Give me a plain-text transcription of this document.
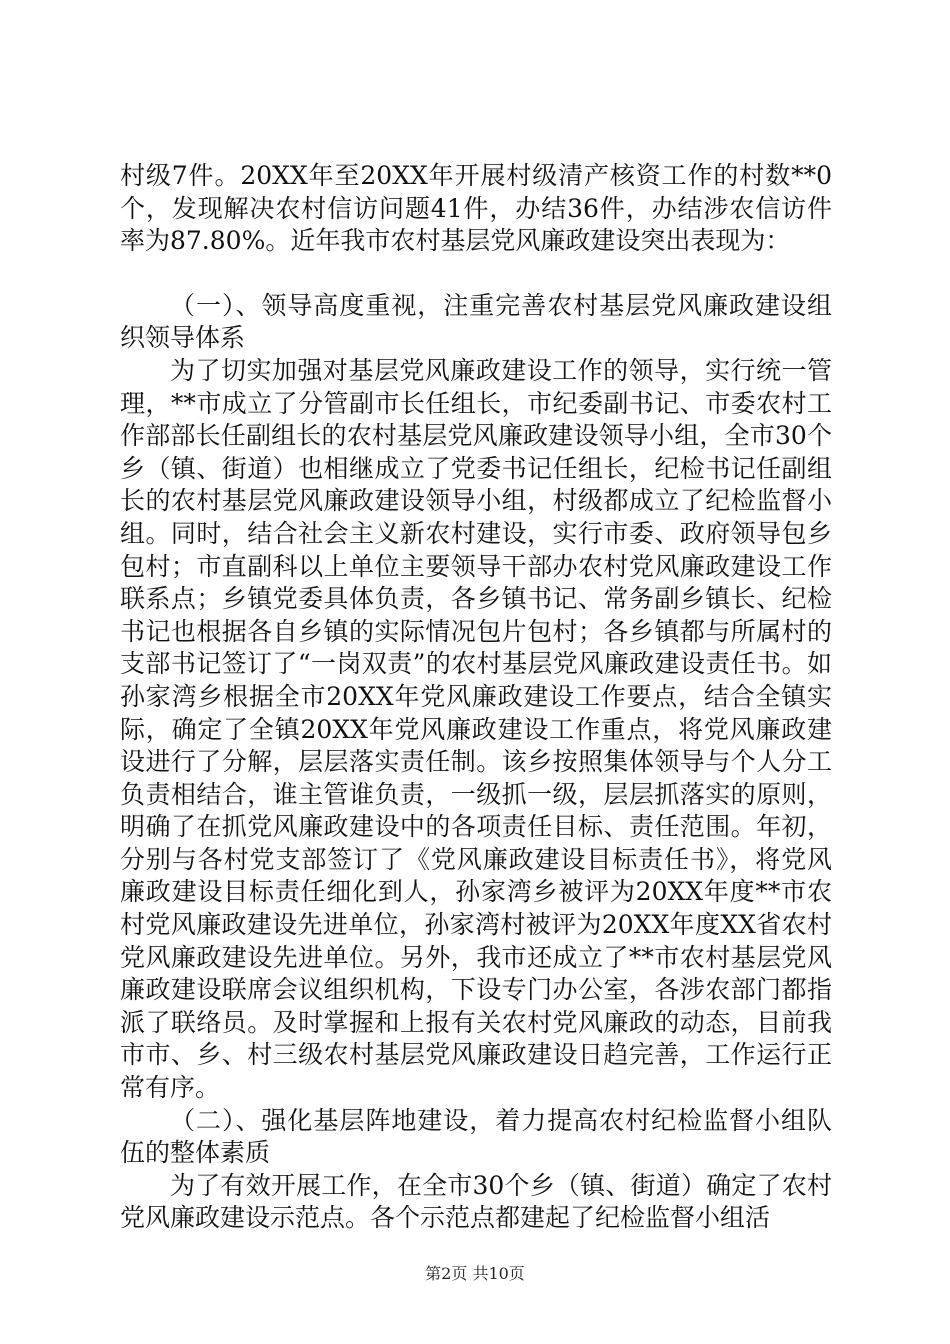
村级7件。20XX年至20XX年开展村级清产核资工作的村数**0个，发现解决农村信访问题41件，办结36件，办结涉农信访件率为87.80%。近年我市农村基层党风廉政建设突出表现为：

（一）、领导高度重视，注重完善农村基层党风廉政建设组织领导体系

为了切实加强对基层党风廉政建设工作的领导，实行统一管理，**市成立了分管副市长任组长，市纪委副书记、市委农村工作部部长任副组长的农村基层党风廉政建设领导小组，全市30个乡（镇、街道）也相继成立了党委书记任组长，纪检书记任副组长的农村基层党风廉政建设领导小组，村级都成立了纪检监督小组。同时，结合社会主义新农村建设，实行市委、政府领导包乡包村；市直副科以上单位主要领导干部办农村党风廉政建设工作联系点；乡镇党委具体负责，各乡镇书记、常务副乡镇长、纪检书记也根据各自乡镇的实际情况包片包村；各乡镇都与所属村的支部书记签订了“一岗双责”的农村基层党风廉政建设责任书。如孙家湾乡根据全市20XX年党风廉政建设工作要点，结合全镇实际，确定了全镇20XX年党风廉政建设工作重点，将党风廉政建设进行了分解，层层落实责任制。该乡按照集体领导与个人分工负责相结合，谁主管谁负责，一级抓一级，层层抓落实的原则，明确了在抓党风廉政建设中的各项责任目标、责任范围。年初，分别与各村党支部签订了《党风廉政建设目标责任书》，将党风廉政建设目标责任细化到人，孙家湾乡被评为20XX年度**市农村党风廉政建设先进单位，孙家湾村被评为20XX年度XX省农村党风廉政建设先进单位。另外，我市还成立了**市农村基层党风廉政建设联席会议组织机构，下设专门办公室，各涉农部门都指派了联络员。及时掌握和上报有关农村党风廉政的动态，目前我市市、乡、村三级农村基层党风廉政建设日趋完善，工作运行正常有序。

（二）、强化基层阵地建设，着力提高农村纪检监督小组队伍的整体素质

为了有效开展工作，在全市30个乡（镇、街道）确定了农村党风廉政建设示范点。各个示范点都建起了纪检监督小组活

第2页 共10页
